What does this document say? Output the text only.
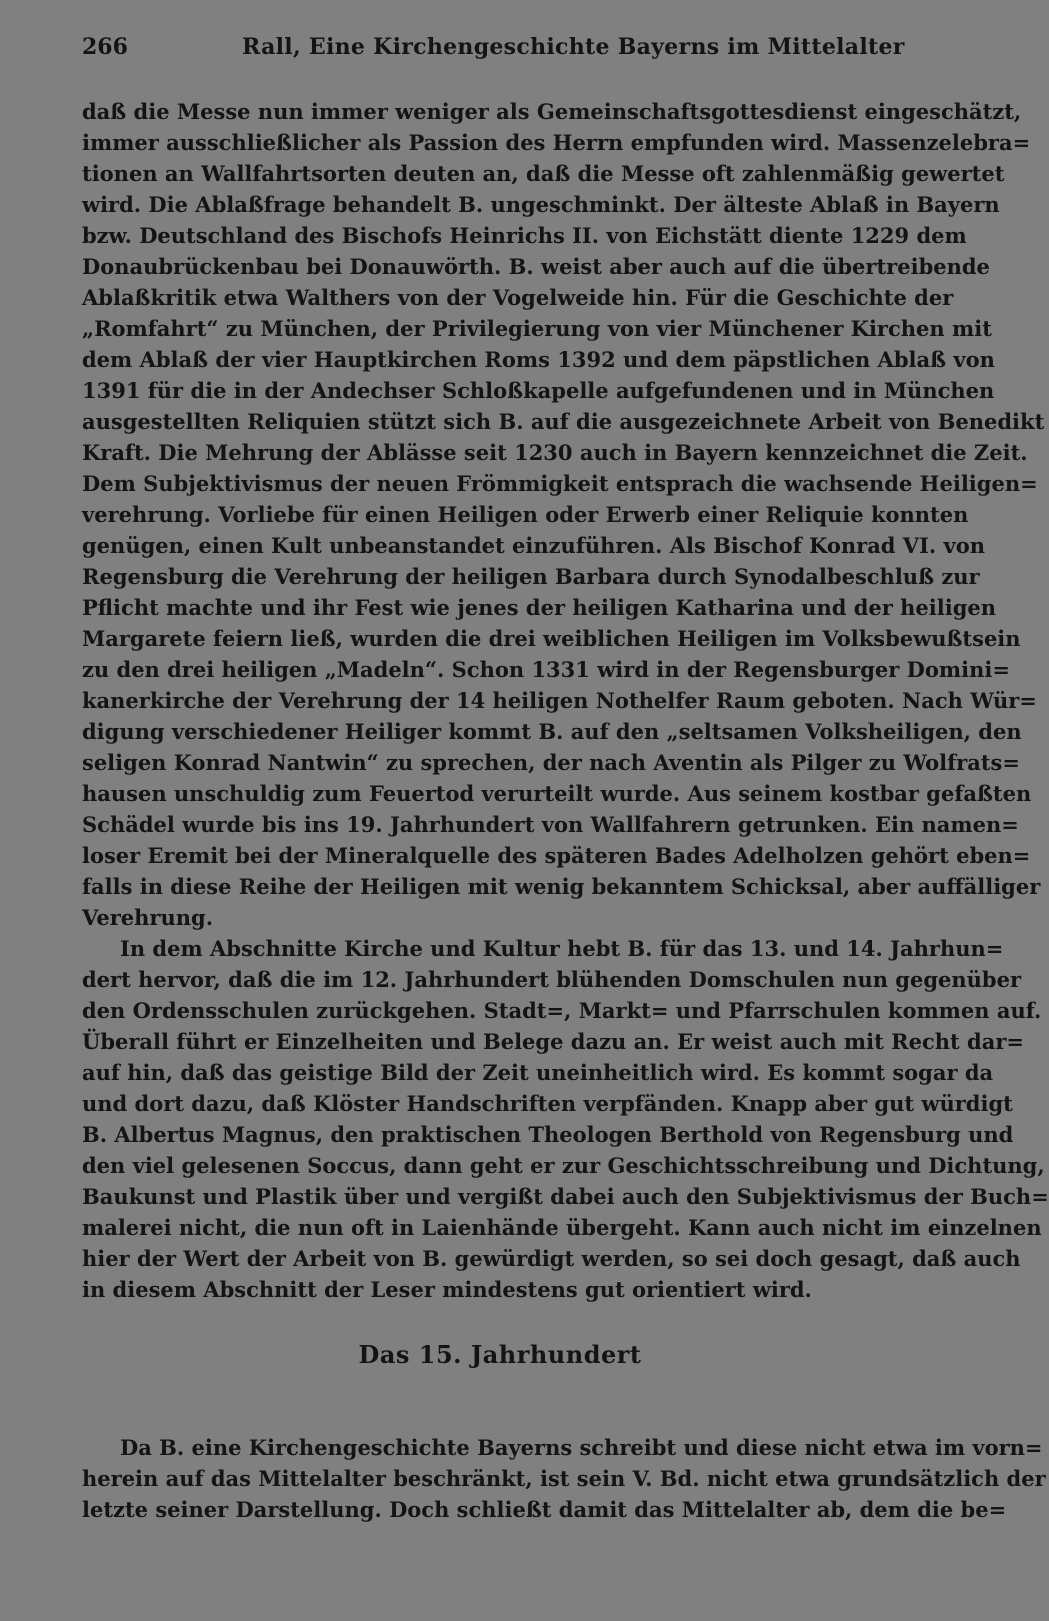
266	Rall, Eine Kirchengeschichte Bayerns im Mittelalter
daß die Messe nun immer weniger als Gemeinschaftsgottesdienst eingeschätzt,
immer ausschließlicher als Passion des Herrn empfunden wird. Massenzelebra=
tionen an Wallfahrtsorten deuten an, daß die Messe oft zahlenmäßig gewertet
wird. Die Ablaßfrage behandelt B. ungeschminkt. Der älteste Ablaß in Bayern
bzw. Deutschland des Bischofs Heinrichs II. von Eichstätt diente 1229 dem
Donaubrückenbau bei Donauwörth. B. weist aber auch auf die übertreibende
Ablaßkritik etwa Walthers von der Vogelweide hin. Für die Geschichte der
„Romfahrt“ zu München, der Privilegierung von vier Münchener Kirchen mit
dem Ablaß der vier Hauptkirchen Roms 1392 und dem päpstlichen Ablaß von
1391 für die in der Andechser Schloßkapelle aufgefundenen und in München
ausgestellten Reliquien stützt sich B. auf die ausgezeichnete Arbeit von Benedikt
Kraft. Die Mehrung der Ablässe seit 1230 auch in Bayern kennzeichnet die Zeit.
Dem Subjektivismus der neuen Frömmigkeit entsprach die wachsende Heiligen=
verehrung. Vorliebe für einen Heiligen oder Erwerb einer Reliquie konnten
genügen, einen Kult unbeanstandet einzuführen. Als Bischof Konrad VI. von
Regensburg die Verehrung der heiligen Barbara durch Synodalbeschluß zur
Pflicht machte und ihr Fest wie jenes der heiligen Katharina und der heiligen
Margarete feiern ließ, wurden die drei weiblichen Heiligen im Volksbewußtsein
zu den drei heiligen „Madeln“. Schon 1331 wird in der Regensburger Domini=
kanerkirche der Verehrung der 14 heiligen Nothelfer Raum geboten. Nach Wür=
digung verschiedener Heiliger kommt B. auf den „seltsamen Volksheiligen, den
seligen Konrad Nantwin“ zu sprechen, der nach Aventin als Pilger zu Wolfrats=
hausen unschuldig zum Feuertod verurteilt wurde. Aus seinem kostbar gefaßten
Schädel wurde bis ins 19. Jahrhundert von Wallfahrern getrunken. Ein namen=
loser Eremit bei der Mineralquelle des späteren Bades Adelholzen gehört eben=
falls in diese Reihe der Heiligen mit wenig bekanntem Schicksal, aber auffälliger
Verehrung.
In dem Abschnitte Kirche und Kultur hebt B. für das 13. und 14. Jahrhun=
dert hervor, daß die im 12. Jahrhundert blühenden Domschulen nun gegenüber
den Ordensschulen zurückgehen. Stadt=, Markt= und Pfarrschulen kommen auf.
Überall führt er Einzelheiten und Belege dazu an. Er weist auch mit Recht dar=
auf hin, daß das geistige Bild der Zeit uneinheitlich wird. Es kommt sogar da
und dort dazu, daß Klöster Handschriften verpfänden. Knapp aber gut würdigt
B. Albertus Magnus, den praktischen Theologen Berthold von Regensburg und
den viel gelesenen Soccus, dann geht er zur Geschichtsschreibung und Dichtung,
Baukunst und Plastik über und vergißt dabei auch den Subjektivismus der Buch=
malerei nicht, die nun oft in Laienhände übergeht. Kann auch nicht im einzelnen
hier der Wert der Arbeit von B. gewürdigt werden, so sei doch gesagt, daß auch
in diesem Abschnitt der Leser mindestens gut orientiert wird.
Das 15. Jahrhundert
Da B. eine Kirchengeschichte Bayerns schreibt und diese nicht etwa im vorn=
herein auf das Mittelalter beschränkt, ist sein V. Bd. nicht etwa grundsätzlich der
letzte seiner Darstellung. Doch schließt damit das Mittelalter ab, dem die be=
